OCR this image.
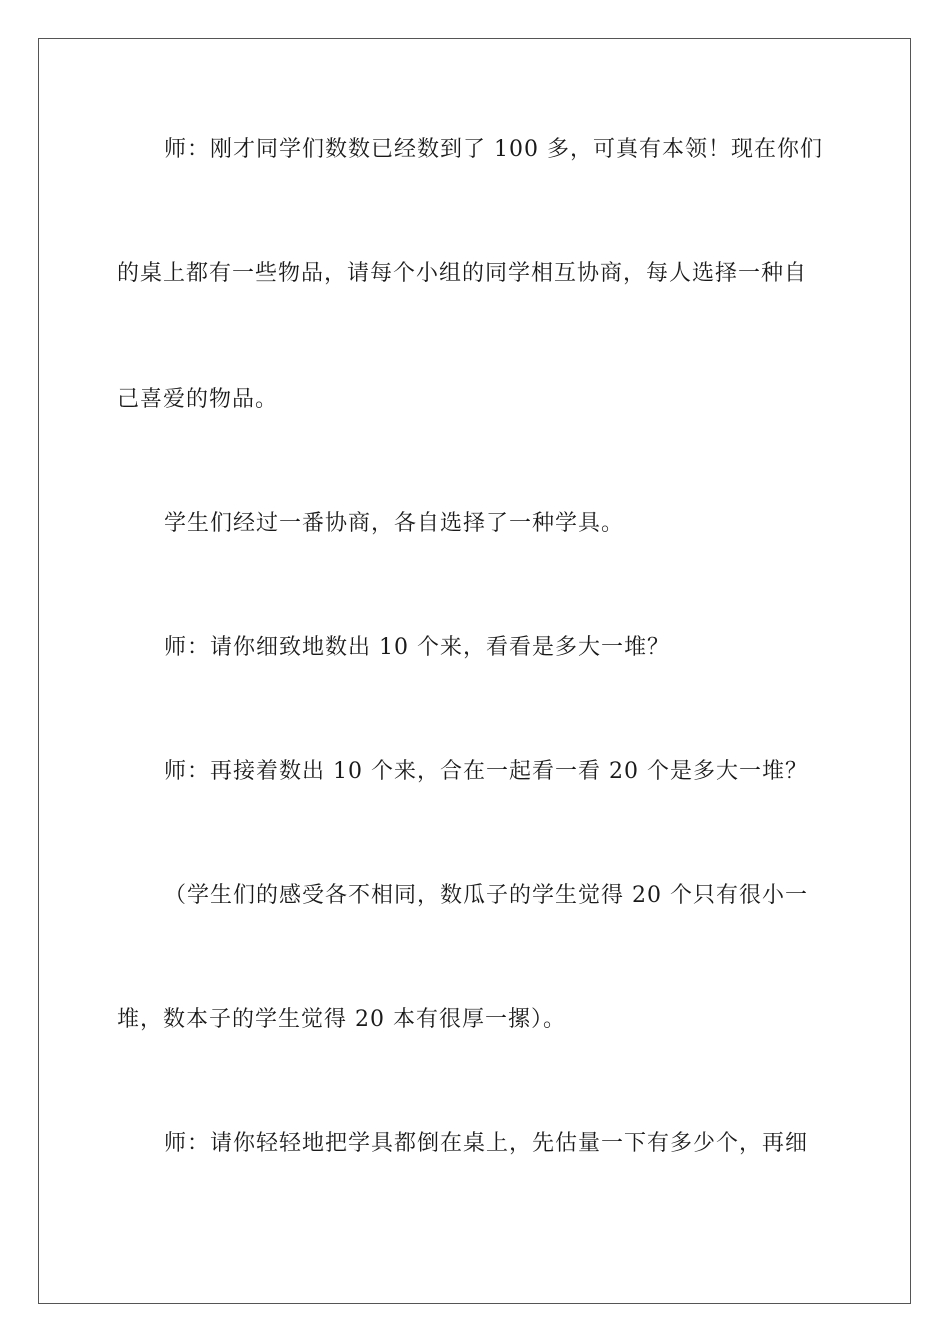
师：刚才同学们数数已经数到了 100 多，可真有本领！现在你们
的桌上都有一些物品，请每个小组的同学相互协商，每人选择一种自
己喜爱的物品。
学生们经过一番协商，各自选择了一种学具。
师：请你细致地数出 10 个来，看看是多大一堆？
师：再接着数出 10 个来，合在一起看一看 20 个是多大一堆？
（学生们的感受各不相同，数瓜子的学生觉得 20 个只有很小一
堆，数本子的学生觉得 20 本有很厚一摞）。
师：请你轻轻地把学具都倒在桌上，先估量一下有多少个，再细
